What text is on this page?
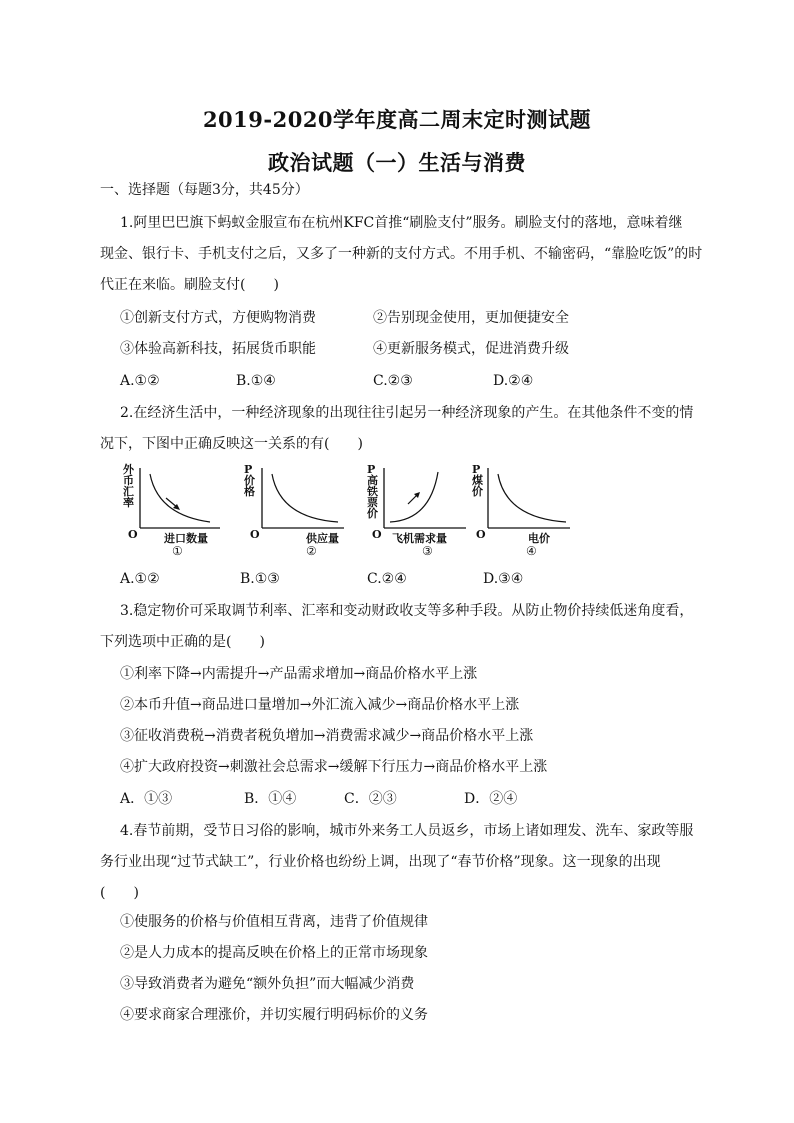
2019-2020学年度高二周末定时测试题
政治试题（一）生活与消费
一、选择题（每题3分，共45分）
1.阿里巴巴旗下蚂蚁金服宣布在杭州KFC首推“刷脸支付”服务。刷脸支付的落地，意味着继
现金、银行卡、手机支付之后，又多了一种新的支付方式。不用手机、不输密码，“靠脸吃饭”的时
代正在来临。刷脸支付(　　)
①创新支付方式，方便购物消费	②告别现金使用，更加便捷安全
③体验高新科技，拓展货币职能	④更新服务模式，促进消费升级
A.①②	B.①④	C.②③	D.②④
2.在经济生活中，一种经济现象的出现往往引起另一种经济现象的产生。在其他条件不变的情
况下，下图中正确反映这一关系的有(　　)
外币汇率
O 进口数量
①
P价格
O	供应量
②
P高铁票价
O 飞机需求量
③
P煤价
O	电价
④
A.①②	B.①③	C.②④	D.③④
3.稳定物价可采取调节利率、汇率和变动财政收支等多种手段。从防止物价持续低迷角度看，
下列选项中正确的是(　　)
①利率下降→内需提升→产品需求增加→商品价格水平上涨
②本币升值→商品进口量增加→外汇流入减少→商品价格水平上涨
③征收消费税→消费者税负增加→消费需求减少→商品价格水平上涨
④扩大政府投资→刺激社会总需求→缓解下行压力→商品价格水平上涨
A．①③	B．①④	C．②③	D．②④
4.春节前期，受节日习俗的影响，城市外来务工人员返乡，市场上诸如理发、洗车、家政等服
务行业出现“过节式缺工”，行业价格也纷纷上调，出现了“春节价格”现象。这一现象的出现
(　　)
①使服务的价格与价值相互背离，违背了价值规律
②是人力成本的提高反映在价格上的正常市场现象
③导致消费者为避免“额外负担”而大幅减少消费
④要求商家合理涨价，并切实履行明码标价的义务
